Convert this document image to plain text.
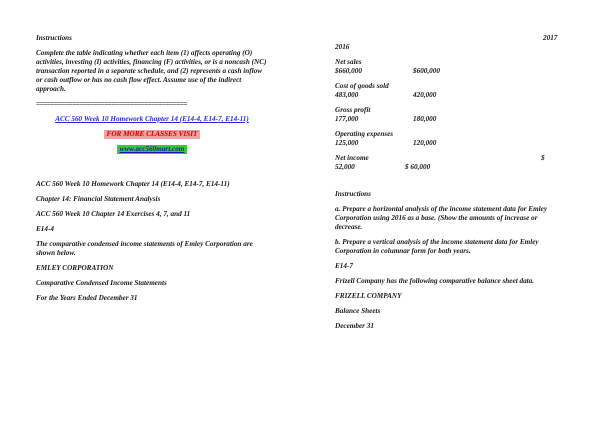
Instructions

Complete the table indicating whether each item (1) affects operating (O) activities, investing (I) activities, financing (F) activities, or is a noncash (NC) transaction reported in a separate schedule, and (2) represents a cash inflow or cash outflow or has no cash flow effect. Assume use of the indirect approach.

==========================================

ACC 560 Week 10 Homework Chapter 14 (E14-4, E14-7, E14-11)

FOR MORE CLASSES VISIT

www.acc560mart.com

ACC 560 Week 10 Homework Chapter 14 (E14-4, E14-7, E14-11)

Chapter 14: Financial Statement Analysis

ACC 560 Week 10 Chapter 14 Exercises 4, 7, and 11

E14-4

The comparative condensed income statements of Emley Corporation are shown below.

EMLEY CORPORATION

Comparative Condensed Income Statements

For the Years Ended December 31

2017
2016
Net sales
$660,000	$600,000
Cost of goods sold
483,000	420,000
Gross profit
177,000	180,000
Operating expenses
125,000	120,000
Net income	$
52,000	$ 60,000

Instructions

a. Prepare a horizontal analysis of the income statement data for Emley Corporation using 2016 as a base. (Show the amounts of increase or decrease.

b. Prepare a vertical analysis of the income statement data for Emley Corporation in columnar form for both years.

E14-7

Frizell Company has the following comparative balance sheet data.

FRIZELL COMPANY

Balance Sheets

December 31
